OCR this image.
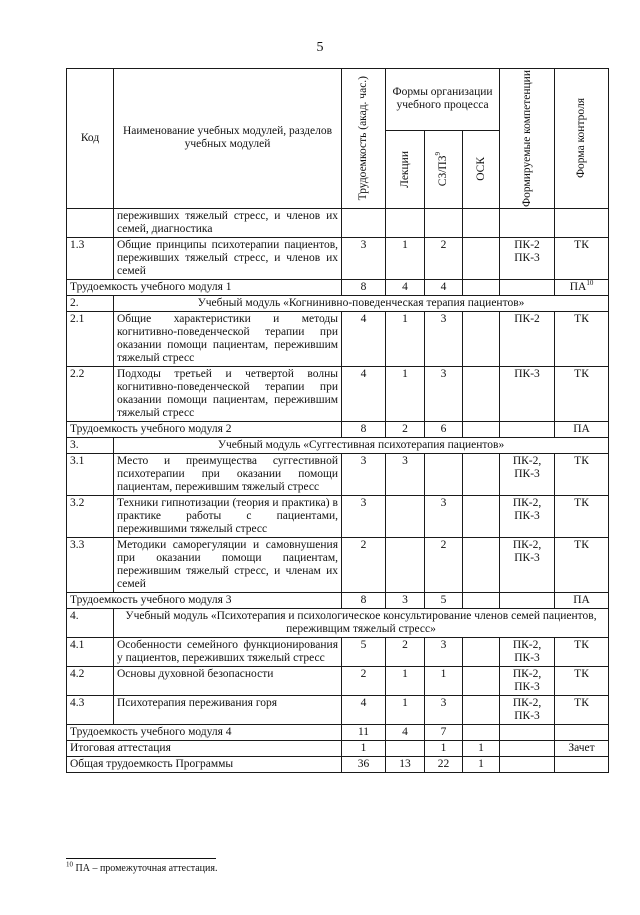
5
Код	Наименование учебных модулей, разделов учебных модулей	Трудоемкость (акад. час.)	Формы организации учебного процесса			Формируемые компетенции	Форма контроля

			Лекции	$СЗ/ПЗ^9$	ОСК		

	переживших тяжелый стресс, и членов их семей, диагностика						
1.3	Общие принципы психотерапии пациентов, переживших тяжелый стресс, и членов их семей	3	1	2		ПК-2 ПК-3	ТК
Трудоемкость учебного модуля 1		8	4	4			ПА$^{10}$
2.	Учебный модуль «Когнинивно-поведенческая терапия пациентов»						
2.1	Общие характеристики и методы когнитивно-поведенческой терапии при оказании помощи пациентам, пережившим тяжелый стресс	4	1	3		ПК-2	ТК
2.2	Подходы третьей и четвертой волны когнитивно-поведенческой терапии при оказании помощи пациентам, пережившим тяжелый стресс	4	1	3		ПК-3	ТК
Трудоемкость учебного модуля 2		8	2	6			ПА
3.	Учебный модуль «Суггестивная психотерапия пациентов»						
3.1	Место и преимущества суггестивной психотерапии при оказании помощи пациентам, пережившим тяжелый стресс	3	3			ПК-2, ПК-3	ТК
3.2	Техники гипнотизации (теория и практика) в практике работы с пациентами, пережившими тяжелый стресс	3		3		ПК-2, ПК-3	ТК
3.3	Методики саморегуляции и самовнушения при оказании помощи пациентам, пережившим тяжелый стресс, и членам их семей	2		2		ПК-2, ПК-3	ТК
Трудоемкость учебного модуля 3		8	3	5			ПА
4.	Учебный модуль «Психотерапия и психологическое консультирование членов семей пациентов, переживщим тяжелый стресс»						
4.1	Особенности семейного функционирования у пациентов, переживших тяжелый стресс	5	2	3		ПК-2, ПК-3	ТК
4.2	Основы духовной безопасности	2	1	1		ПК-2, ПК-3	ТК
4.3	Психотерапия переживания горя	4	1	3		ПК-2, ПК-3	ТК
Трудоемкость учебного модуля 4		11	4	7			
Итоговая аттестация		1		1	1		Зачет
Общая трудоемкость Программы		36	13	22	1		
$^{10}$ ПА – промежуточная аттестация.
